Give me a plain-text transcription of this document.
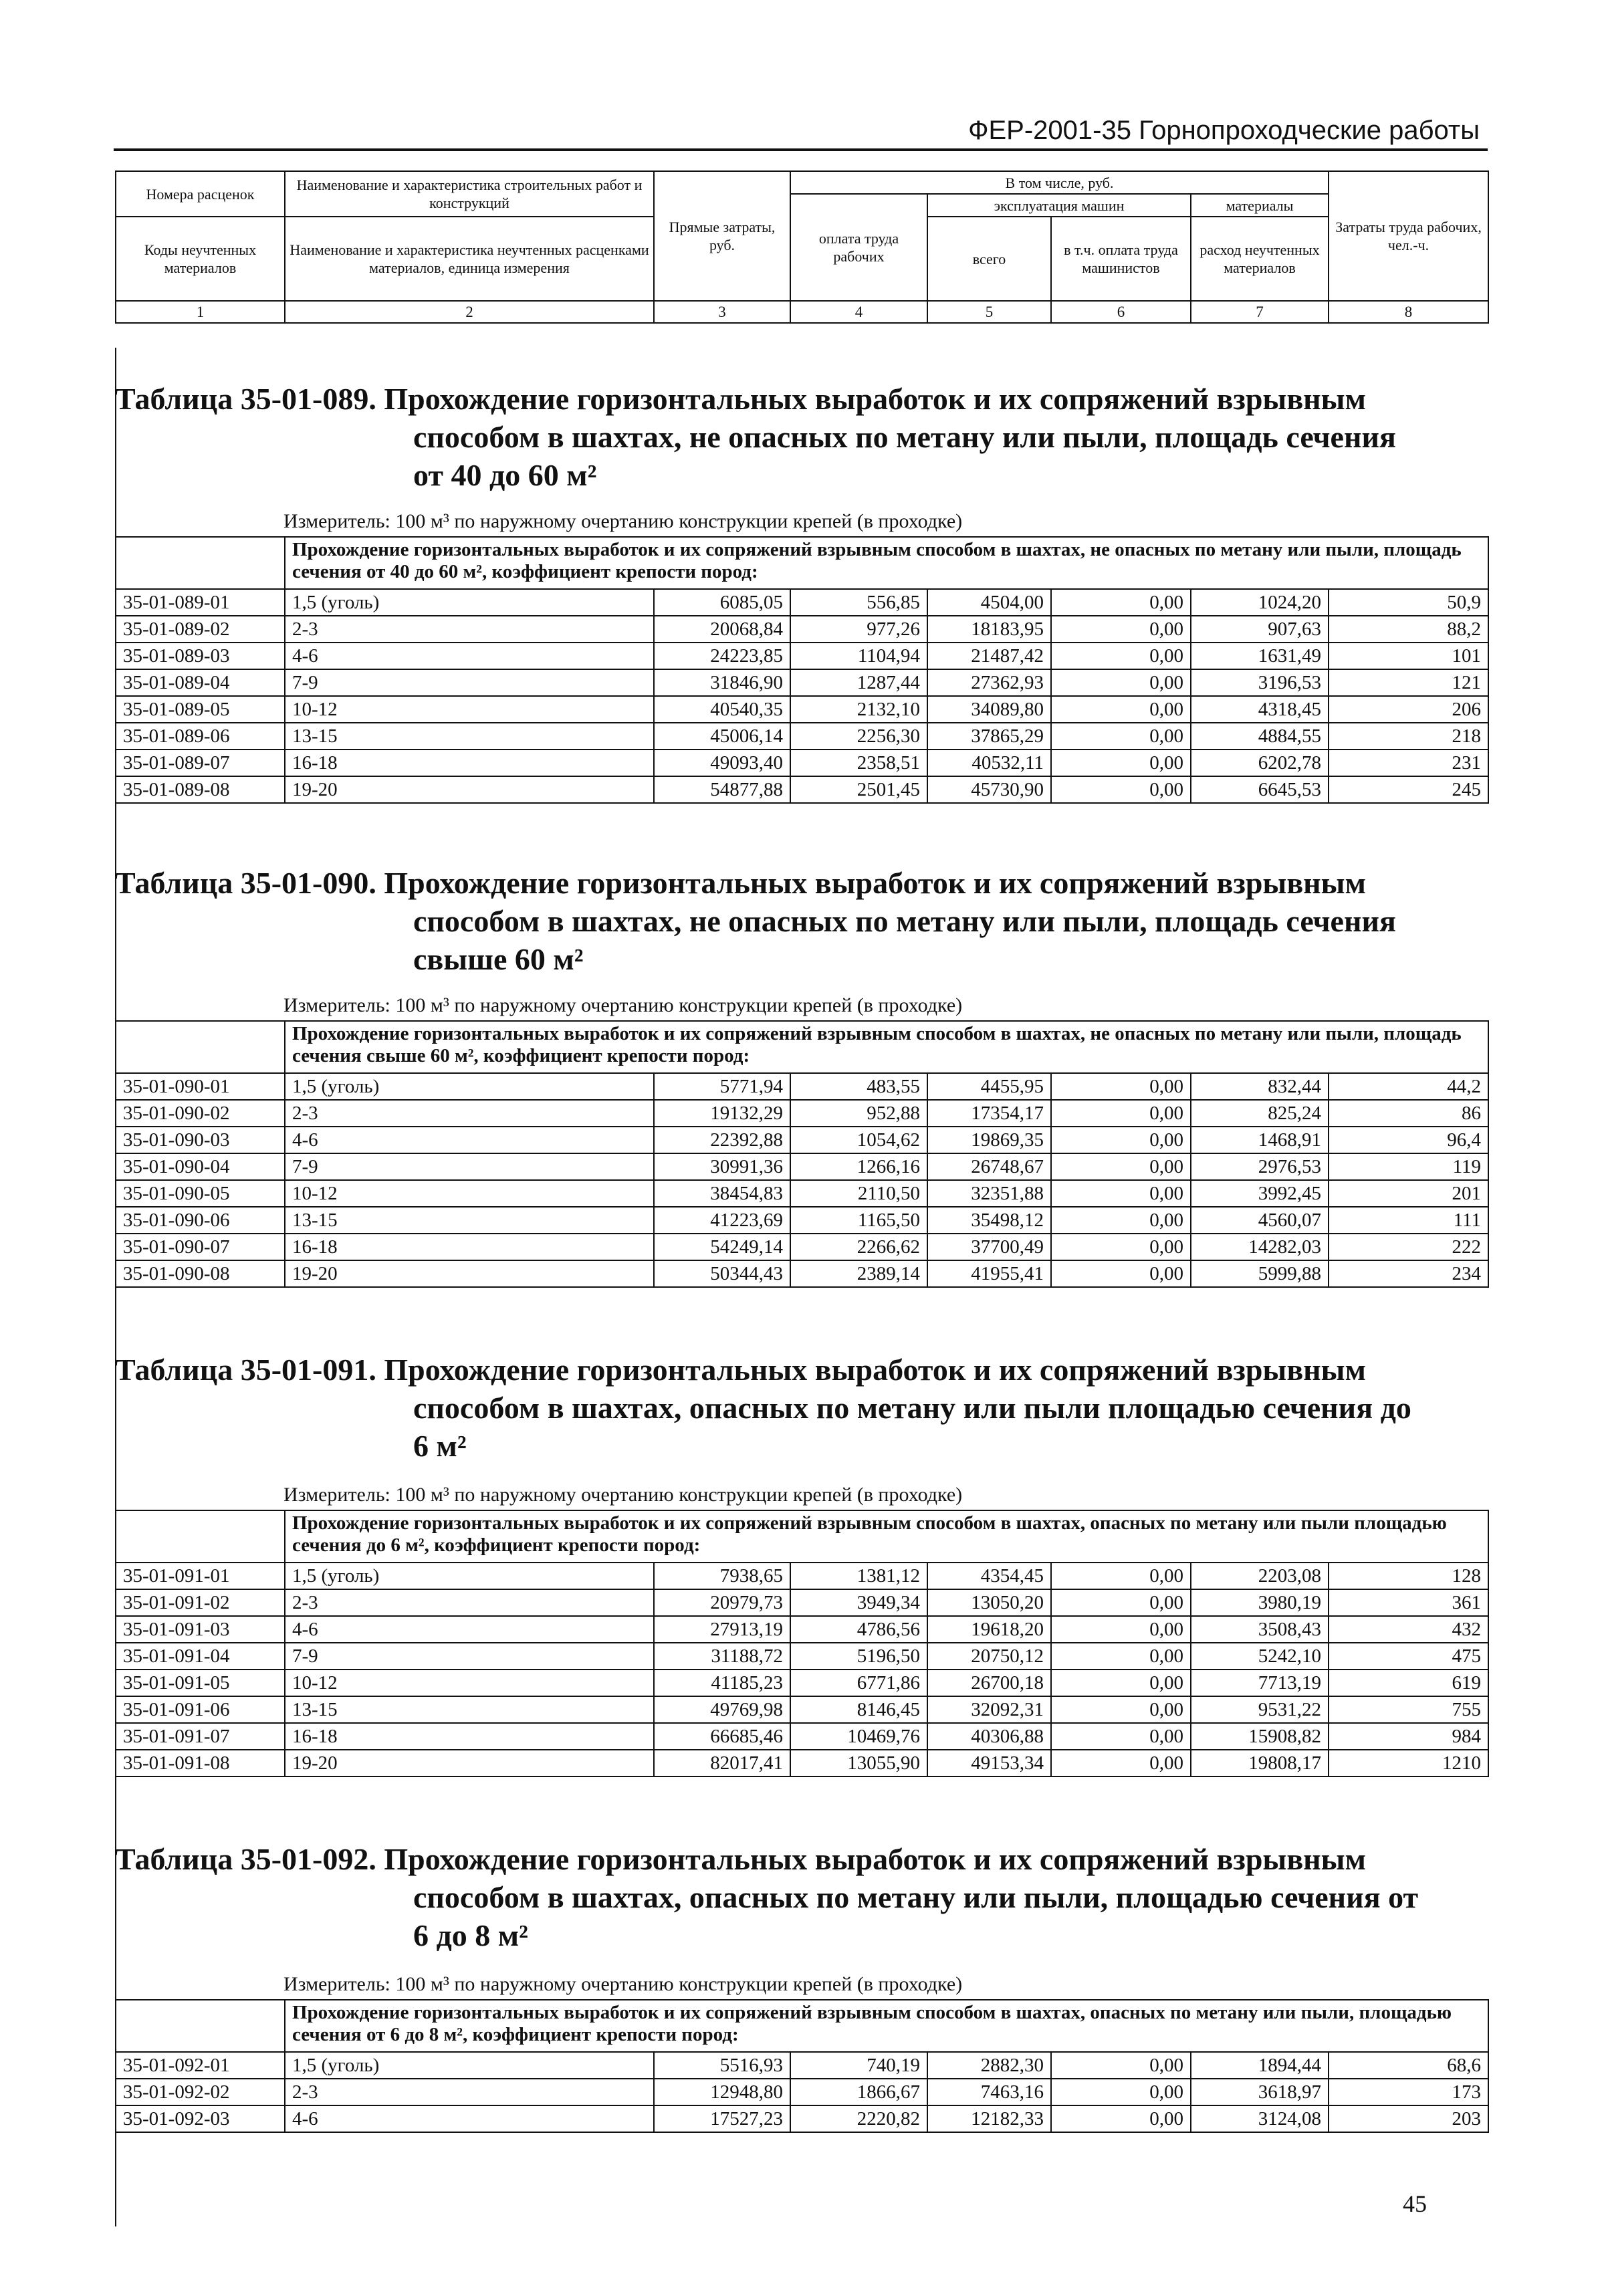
ФЕР-2001-35 Горнопроходческие работы
Номера расценок	Наименование и характеристика строительных работ и конструкций	Прямые затраты, руб.	В том числе, руб.				Затраты труда рабочих, чел.-ч.
			оплата труда рабочих	эксплуатация машин		материалы	
Коды неучтенных материалов	Наименование и характеристика неучтенных расценками материалов, единица измерения			всего	в т.ч. оплата труда машинистов	расход неучтенных материалов	

1	2	3	4	5	6	7	8
Таблица 35-01-089. Прохождение горизонтальных выработок и их сопряжений взрывным
способом в шахтах, не опасных по метану или пыли, площадь сечения
от 40 до 60 м²
Измеритель: 100 м³ по наружному очертанию конструкции крепей (в проходке)
	Прохождение горизонтальных выработок и их сопряжений взрывным способом в шахтах, не опасных по метану или пыли, площадь сечения от 40 до 60 м², коэффициент крепости пород:						
35-01-089-01	1,5 (уголь)	6085,05	556,85	4504,00	0,00	1024,20	50,9
35-01-089-02	2-3	20068,84	977,26	18183,95	0,00	907,63	88,2
35-01-089-03	4-6	24223,85	1104,94	21487,42	0,00	1631,49	101
35-01-089-04	7-9	31846,90	1287,44	27362,93	0,00	3196,53	121
35-01-089-05	10-12	40540,35	2132,10	34089,80	0,00	4318,45	206
35-01-089-06	13-15	45006,14	2256,30	37865,29	0,00	4884,55	218
35-01-089-07	16-18	49093,40	2358,51	40532,11	0,00	6202,78	231
35-01-089-08	19-20	54877,88	2501,45	45730,90	0,00	6645,53	245
Таблица 35-01-090. Прохождение горизонтальных выработок и их сопряжений взрывным
способом в шахтах, не опасных по метану или пыли, площадь сечения
свыше 60 м²
Измеритель: 100 м³ по наружному очертанию конструкции крепей (в проходке)
	Прохождение горизонтальных выработок и их сопряжений взрывным способом в шахтах, не опасных по метану или пыли, площадь сечения свыше 60 м², коэффициент крепости пород:						
35-01-090-01	1,5 (уголь)	5771,94	483,55	4455,95	0,00	832,44	44,2
35-01-090-02	2-3	19132,29	952,88	17354,17	0,00	825,24	86
35-01-090-03	4-6	22392,88	1054,62	19869,35	0,00	1468,91	96,4
35-01-090-04	7-9	30991,36	1266,16	26748,67	0,00	2976,53	119
35-01-090-05	10-12	38454,83	2110,50	32351,88	0,00	3992,45	201
35-01-090-06	13-15	41223,69	1165,50	35498,12	0,00	4560,07	111
35-01-090-07	16-18	54249,14	2266,62	37700,49	0,00	14282,03	222
35-01-090-08	19-20	50344,43	2389,14	41955,41	0,00	5999,88	234
Таблица 35-01-091. Прохождение горизонтальных выработок и их сопряжений взрывным
способом в шахтах, опасных по метану или пыли площадью сечения до
6 м²
Измеритель: 100 м³ по наружному очертанию конструкции крепей (в проходке)
	Прохождение горизонтальных выработок и их сопряжений взрывным способом в шахтах, опасных по метану или пыли площадью сечения до 6 м², коэффициент крепости пород:						
35-01-091-01	1,5 (уголь)	7938,65	1381,12	4354,45	0,00	2203,08	128
35-01-091-02	2-3	20979,73	3949,34	13050,20	0,00	3980,19	361
35-01-091-03	4-6	27913,19	4786,56	19618,20	0,00	3508,43	432
35-01-091-04	7-9	31188,72	5196,50	20750,12	0,00	5242,10	475
35-01-091-05	10-12	41185,23	6771,86	26700,18	0,00	7713,19	619
35-01-091-06	13-15	49769,98	8146,45	32092,31	0,00	9531,22	755
35-01-091-07	16-18	66685,46	10469,76	40306,88	0,00	15908,82	984
35-01-091-08	19-20	82017,41	13055,90	49153,34	0,00	19808,17	1210
Таблица 35-01-092. Прохождение горизонтальных выработок и их сопряжений взрывным
способом в шахтах, опасных по метану или пыли, площадью сечения от
6 до 8 м²
Измеритель: 100 м³ по наружному очертанию конструкции крепей (в проходке)
	Прохождение горизонтальных выработок и их сопряжений взрывным способом в шахтах, опасных по метану или пыли, площадью сечения от 6 до 8 м², коэффициент крепости пород:						
35-01-092-01	1,5 (уголь)	5516,93	740,19	2882,30	0,00	1894,44	68,6
35-01-092-02	2-3	12948,80	1866,67	7463,16	0,00	3618,97	173
35-01-092-03	4-6	17527,23	2220,82	12182,33	0,00	3124,08	203
45
